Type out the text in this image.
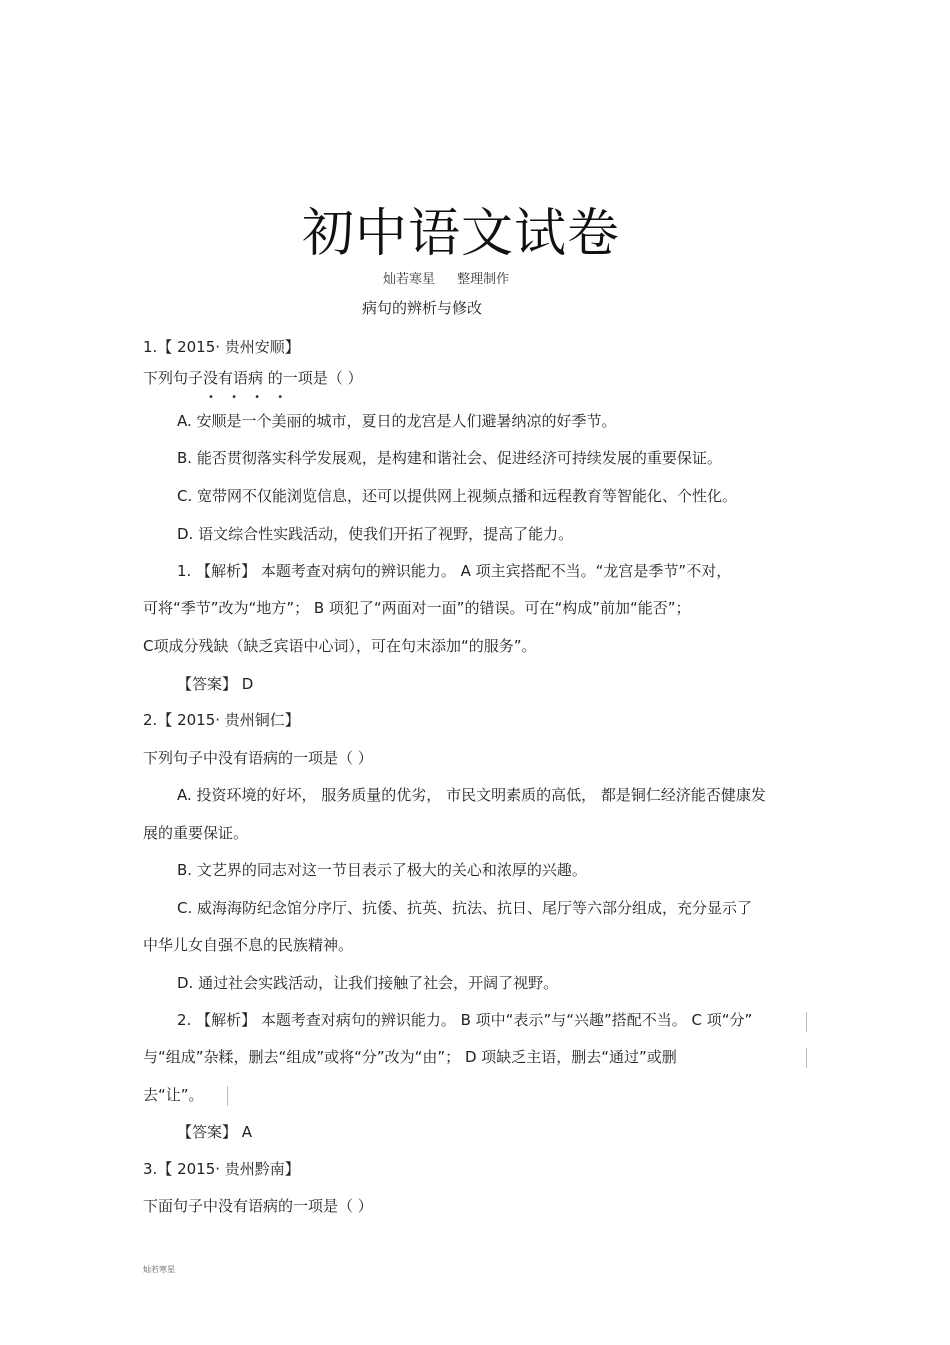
初中语文试卷
灿若寒星 整理制作
病句的辨析与修改
1.【 2015· 贵州安顺】
下列句子没有语病 的一项是（ ）
• • • •
A. 安顺是一个美丽的城市，夏日的龙宫是人们避暑纳凉的好季节。
B. 能否贯彻落实科学发展观，是构建和谐社会、促进经济可持续发展的重要保证。
C. 宽带网不仅能浏览信息，还可以提供网上视频点播和远程教育等智能化、个性化。
D. 语文综合性实践活动，使我们开拓了视野，提高了能力。
1. 【解析】 本题考查对病句的辨识能力。 A 项主宾搭配不当。“龙宫是季节”不对，
可将“季节”改为“地方”； B 项犯了“两面对一面”的错误。可在“构成”前加“能否”；
C项成分残缺（缺乏宾语中心词），可在句末添加“的服务”。
【答案】 D
2.【 2015· 贵州铜仁】
下列句子中没有语病的一项是（ ）
A. 投资环境的好坏， 服务质量的优劣， 市民文明素质的高低， 都是铜仁经济能否健康发
展的重要保证。
B. 文艺界的同志对这一节目表示了极大的关心和浓厚的兴趣。
C. 威海海防纪念馆分序厅、抗倭、抗英、抗法、抗日、尾厅等六部分组成，充分显示了
中华儿女自强不息的民族精神。
D. 通过社会实践活动，让我们接触了社会，开阔了视野。
2. 【解析】 本题考查对病句的辨识能力。 B 项中“表示”与“兴趣”搭配不当。 C 项“分”
与“组成”杂糅，删去“组成”或将“分”改为“由”； D 项缺乏主语，删去“通过”或删
去“让”。
【答案】 A
3.【 2015· 贵州黔南】
下面句子中没有语病的一项是（ ）
灿若寒星
